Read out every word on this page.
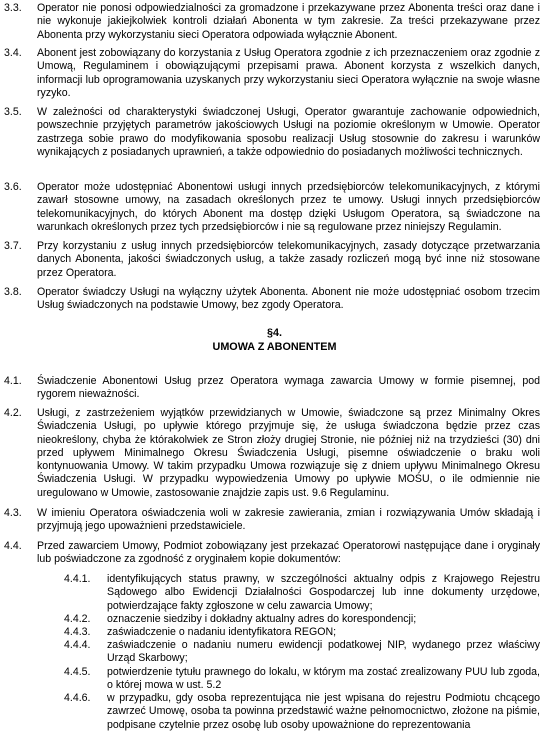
3.3. Operator nie ponosi odpowiedzialności za gromadzone i przekazywane przez Abonenta treści oraz dane i nie wykonuje jakiejkolwiek kontroli działań Abonenta w tym zakresie. Za treści przekazywane przez Abonenta przy wykorzystaniu sieci Operatora odpowiada wyłącznie Abonent.
3.4. Abonent jest zobowiązany do korzystania z Usług Operatora zgodnie z ich przeznaczeniem oraz zgodnie z Umową, Regulaminem i obowiązującymi przepisami prawa. Abonent korzysta z wszelkich danych, informacji lub oprogramowania uzyskanych przy wykorzystaniu sieci Operatora wyłącznie na swoje własne ryzyko.
3.5. W zależności od charakterystyki świadczonej Usługi, Operator gwarantuje zachowanie odpowiednich, powszechnie przyjętych parametrów jakościowych Usługi na poziomie określonym w Umowie. Operator zastrzega sobie prawo do modyfikowania sposobu realizacji Usług stosownie do zakresu i warunków wynikających z posiadanych uprawnień, a także odpowiednio do posiadanych możliwości technicznych.
3.6. Operator może udostępniać Abonentowi usługi innych przedsiębiorców telekomunikacyjnych, z którymi zawarł stosowne umowy, na zasadach określonych przez te umowy. Usługi innych przedsiębiorców telekomunikacyjnych, do których Abonent ma dostęp dzięki Usługom Operatora, są świadczone na warunkach określonych przez tych przedsiębiorców i nie są regulowane przez niniejszy Regulamin.
3.7. Przy korzystaniu z usług innych przedsiębiorców telekomunikacyjnych, zasady dotyczące przetwarzania danych Abonenta, jakości świadczonych usług, a także zasady rozliczeń mogą być inne niż stosowane przez Operatora.
3.8. Operator świadczy Usługi na wyłączny użytek Abonenta. Abonent nie może udostępniać osobom trzecim Usług świadczonych na podstawie Umowy, bez zgody Operatora.
§4.
UMOWA Z ABONENTEM
4.1. Świadczenie Abonentowi Usług przez Operatora wymaga zawarcia Umowy w formie pisemnej, pod rygorem nieważności.
4.2. Usługi, z zastrzeżeniem wyjątków przewidzianych w Umowie, świadczone są przez Minimalny Okres Świadczenia Usługi, po upływie którego przyjmuje się, że usługa świadczona będzie przez czas nieokreślony, chyba że którakolwiek ze Stron złoży drugiej Stronie, nie później niż na trzydzieści (30) dni przed upływem Minimalnego Okresu Świadczenia Usługi, pisemne oświadczenie o braku woli kontynuowania Umowy. W takim przypadku Umowa rozwiązuje się z dniem upływu Minimalnego Okresu Świadczenia Usługi. W przypadku wypowiedzenia Umowy po upływie MOŚU, o ile odmiennie nie uregulowano w Umowie, zastosowanie znajdzie zapis ust. 9.6 Regulaminu.
4.3. W imieniu Operatora oświadczenia woli w zakresie zawierania, zmian i rozwiązywania Umów składają i przyjmują jego upoważnieni przedstawiciele.
4.4. Przed zawarciem Umowy, Podmiot zobowiązany jest przekazać Operatorowi następujące dane i oryginały lub poświadczone za zgodność z oryginałem kopie dokumentów:
4.4.1. identyfikujących status prawny, w szczególności aktualny odpis z Krajowego Rejestru Sądowego albo Ewidencji Działalności Gospodarczej lub inne dokumenty urzędowe, potwierdzające fakty zgłoszone w celu zawarcia Umowy;
4.4.2. oznaczenie siedziby i dokładny aktualny adres do korespondencji;
4.4.3. zaświadczenie o nadaniu identyfikatora REGON;
4.4.4. zaświadczenie o nadaniu numeru ewidencji podatkowej NIP, wydanego przez właściwy Urząd Skarbowy;
4.4.5. potwierdzenie tytułu prawnego do lokalu, w którym ma zostać zrealizowany PUU lub zgoda, o której mowa w ust. 5.2
4.4.6. w przypadku, gdy osoba reprezentująca nie jest wpisana do rejestru Podmiotu chcącego zawrzeć Umowę, osoba ta powinna przedstawić ważne pełnomocnictwo, złożone na piśmie, podpisane czytelnie przez osobę lub osoby upoważnione do reprezentowania
